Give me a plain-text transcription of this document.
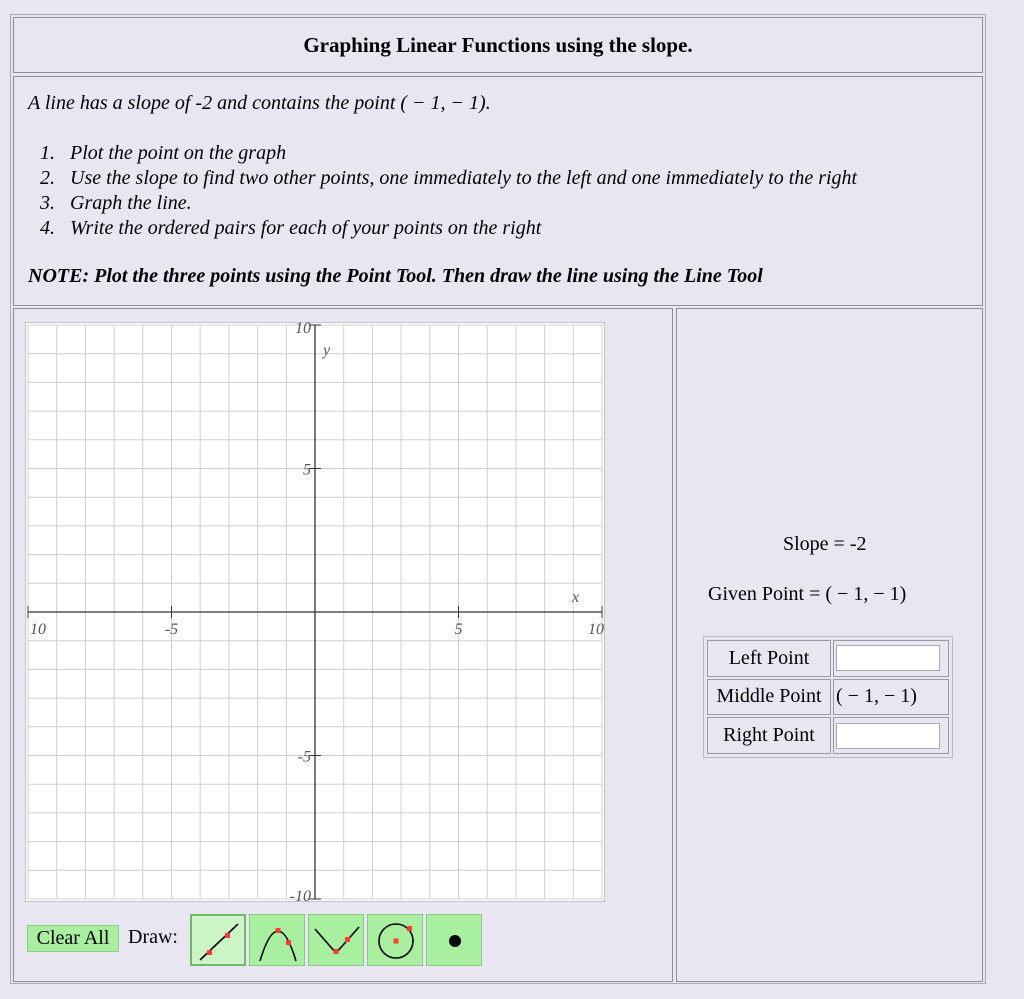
Graphing Linear Functions using the slope.
A line has a slope of -2 and contains the point ( − 1, − 1).
1. Plot the point on the graph
2. Use the slope to find two other points, one immediately to the left and one immediately to the right
3. Graph the line.
4. Write the ordered pairs for each of your points on the right
NOTE: Plot the three points using the Point Tool. Then draw the line using the Line Tool
10	-5	5	10
10
5
-5
-10
x
y
Clear All Draw:
Slope = -2
Given Point = ( − 1, − 1)
Left Point	

Middle Point	( − 1, − 1)
Right Point	
